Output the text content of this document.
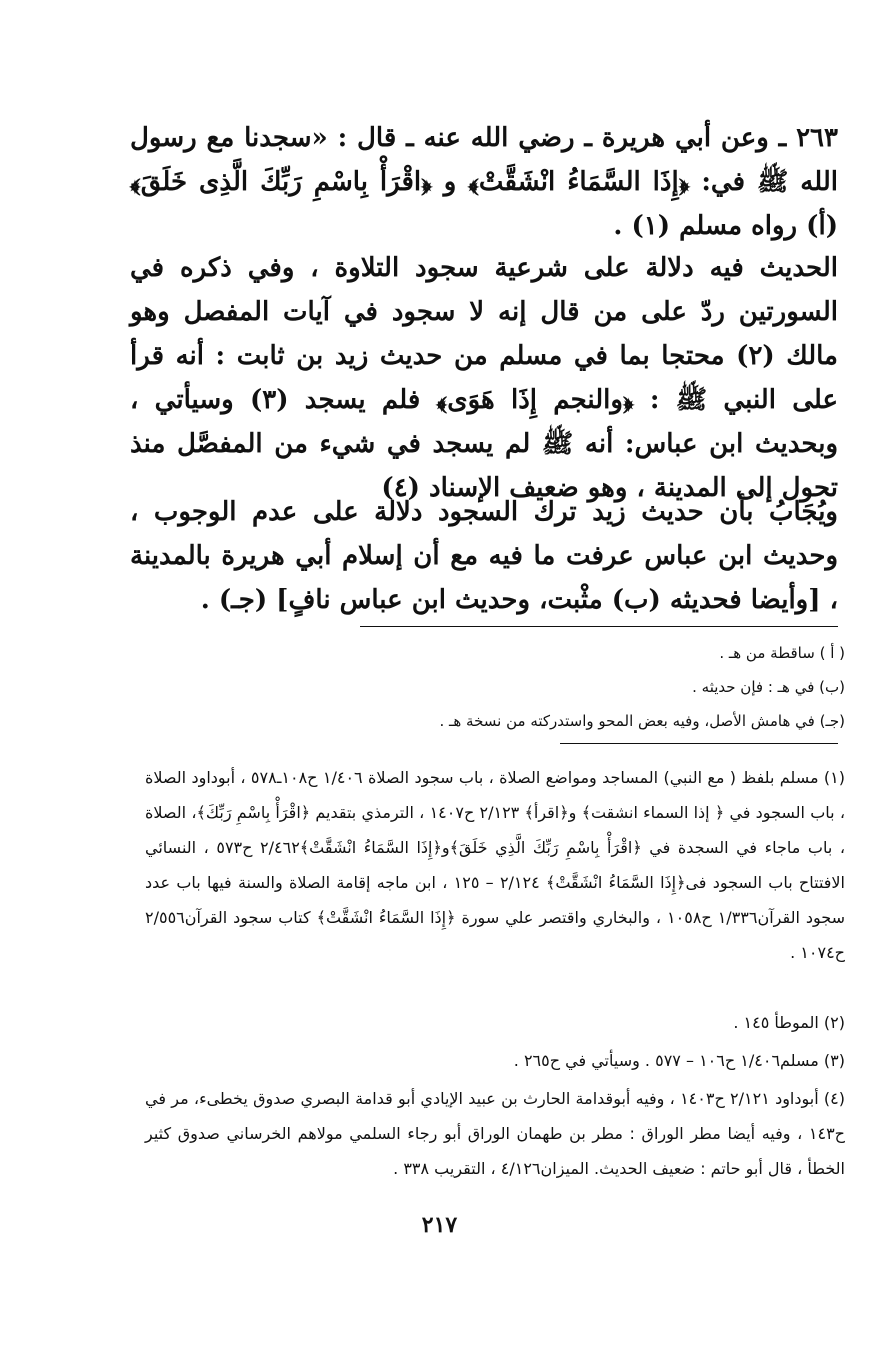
٢٦٣ ـ وعن أبي هريرة ـ رضي الله عنه ـ قال : «سجدنا مع رسول الله ﷺ في: ﴿إِذَا السَّمَاءُ انْشَقَّتْ﴾ و ﴿اقْرَأْ بِاسْمِ رَبِّكَ الَّذِى خَلَقَ﴾ (أ) رواه مسلم (١) .

الحديث فيه دلالة على شرعية سجود التلاوة ، وفي ذكره في السورتين ردّ على من قال إنه لا سجود في آيات المفصل وهو مالك (٢) محتجا بما في مسلم من حديث زيد بن ثابت : أنه قرأ على النبي ﷺ : ﴿والنجم إِذَا هَوَى﴾ فلم يسجد (٣) وسيأتي ، وبحديث ابن عباس: أنه ﷺ لم يسجد في شيء من المفصَّل منذ تحول إلى المدينة ، وهو ضعيف الإسناد (٤)

ويُجَابُ بأن حديث زيد ترك السجود دلالة على عدم الوجوب ، وحديث ابن عباس عرفت ما فيه مع أن إسلام أبي هريرة بالمدينة ، [وأيضا فحديثه (ب) مثْبت، وحديث ابن عباس نافٍ] (جـ) .

( أ ) ساقطة من هـ .
(ب) في هـ : فإن حديثه .
(جـ) في هامش الأصل، وفيه بعض المحو واستدركته من نسخة هـ .
(١) مسلم بلفظ ( مع النبي) المساجد ومواضع الصلاة ، باب سجود الصلاة ١/٤٠٦ ح١٠٨ـ٥٧٨ ، أبوداود الصلاة ، باب السجود في ﴿ إذا السماء انشقت﴾ و﴿اقرأ﴾ ٢/١٢٣ ح١٤٠٧ ، الترمذي بتقديم ﴿اقْرَأْ بِاسْمِ رَبِّكَ﴾، الصلاة ، باب ماجاء في السجدة في ﴿اقْرَأْ بِاسْمِ رَبِّكَ الَّذِي خَلَقَ﴾و﴿إِذَا السَّمَاءُ انْشَقَّتْ﴾٢/٤٦٢ ح٥٧٣ ، النسائي الافتتاح باب السجود فى﴿إِذَا السَّمَاءُ انْشَقَّتْ﴾ ٢/١٢٤ – ١٢٥ ، ابن ماجه إقامة الصلاة والسنة فيها باب عدد سجود القرآن١/٣٣٦ ح١٠٥٨ ، والبخاري واقتصر علي سورة ﴿إِذَا السَّمَاءُ انْشَقَّتْ﴾ كتاب سجود القرآن٢/٥٥٦ ح١٠٧٤ .
(٢) الموطأ ١٤٥ .
(٣) مسلم١/٤٠٦ ح١٠٦ – ٥٧٧ . وسيأتي في ح٢٦٥ .
(٤) أبوداود ٢/١٢١ ح١٤٠٣ ، وفيه أبوقدامة الحارث بن عبيد الإيادي أبو قدامة البصري صدوق يخطىء، مر في ح١٤٣ ، وفيه أيضا مطر الوراق : مطر بن طهمان الوراق أبو رجاء السلمي مولاهم الخرساني صدوق كثير الخطأ ، قال أبو حاتم : ضعيف الحديث. الميزان٤/١٢٦ ، التقريب ٣٣٨ .
٢١٧
